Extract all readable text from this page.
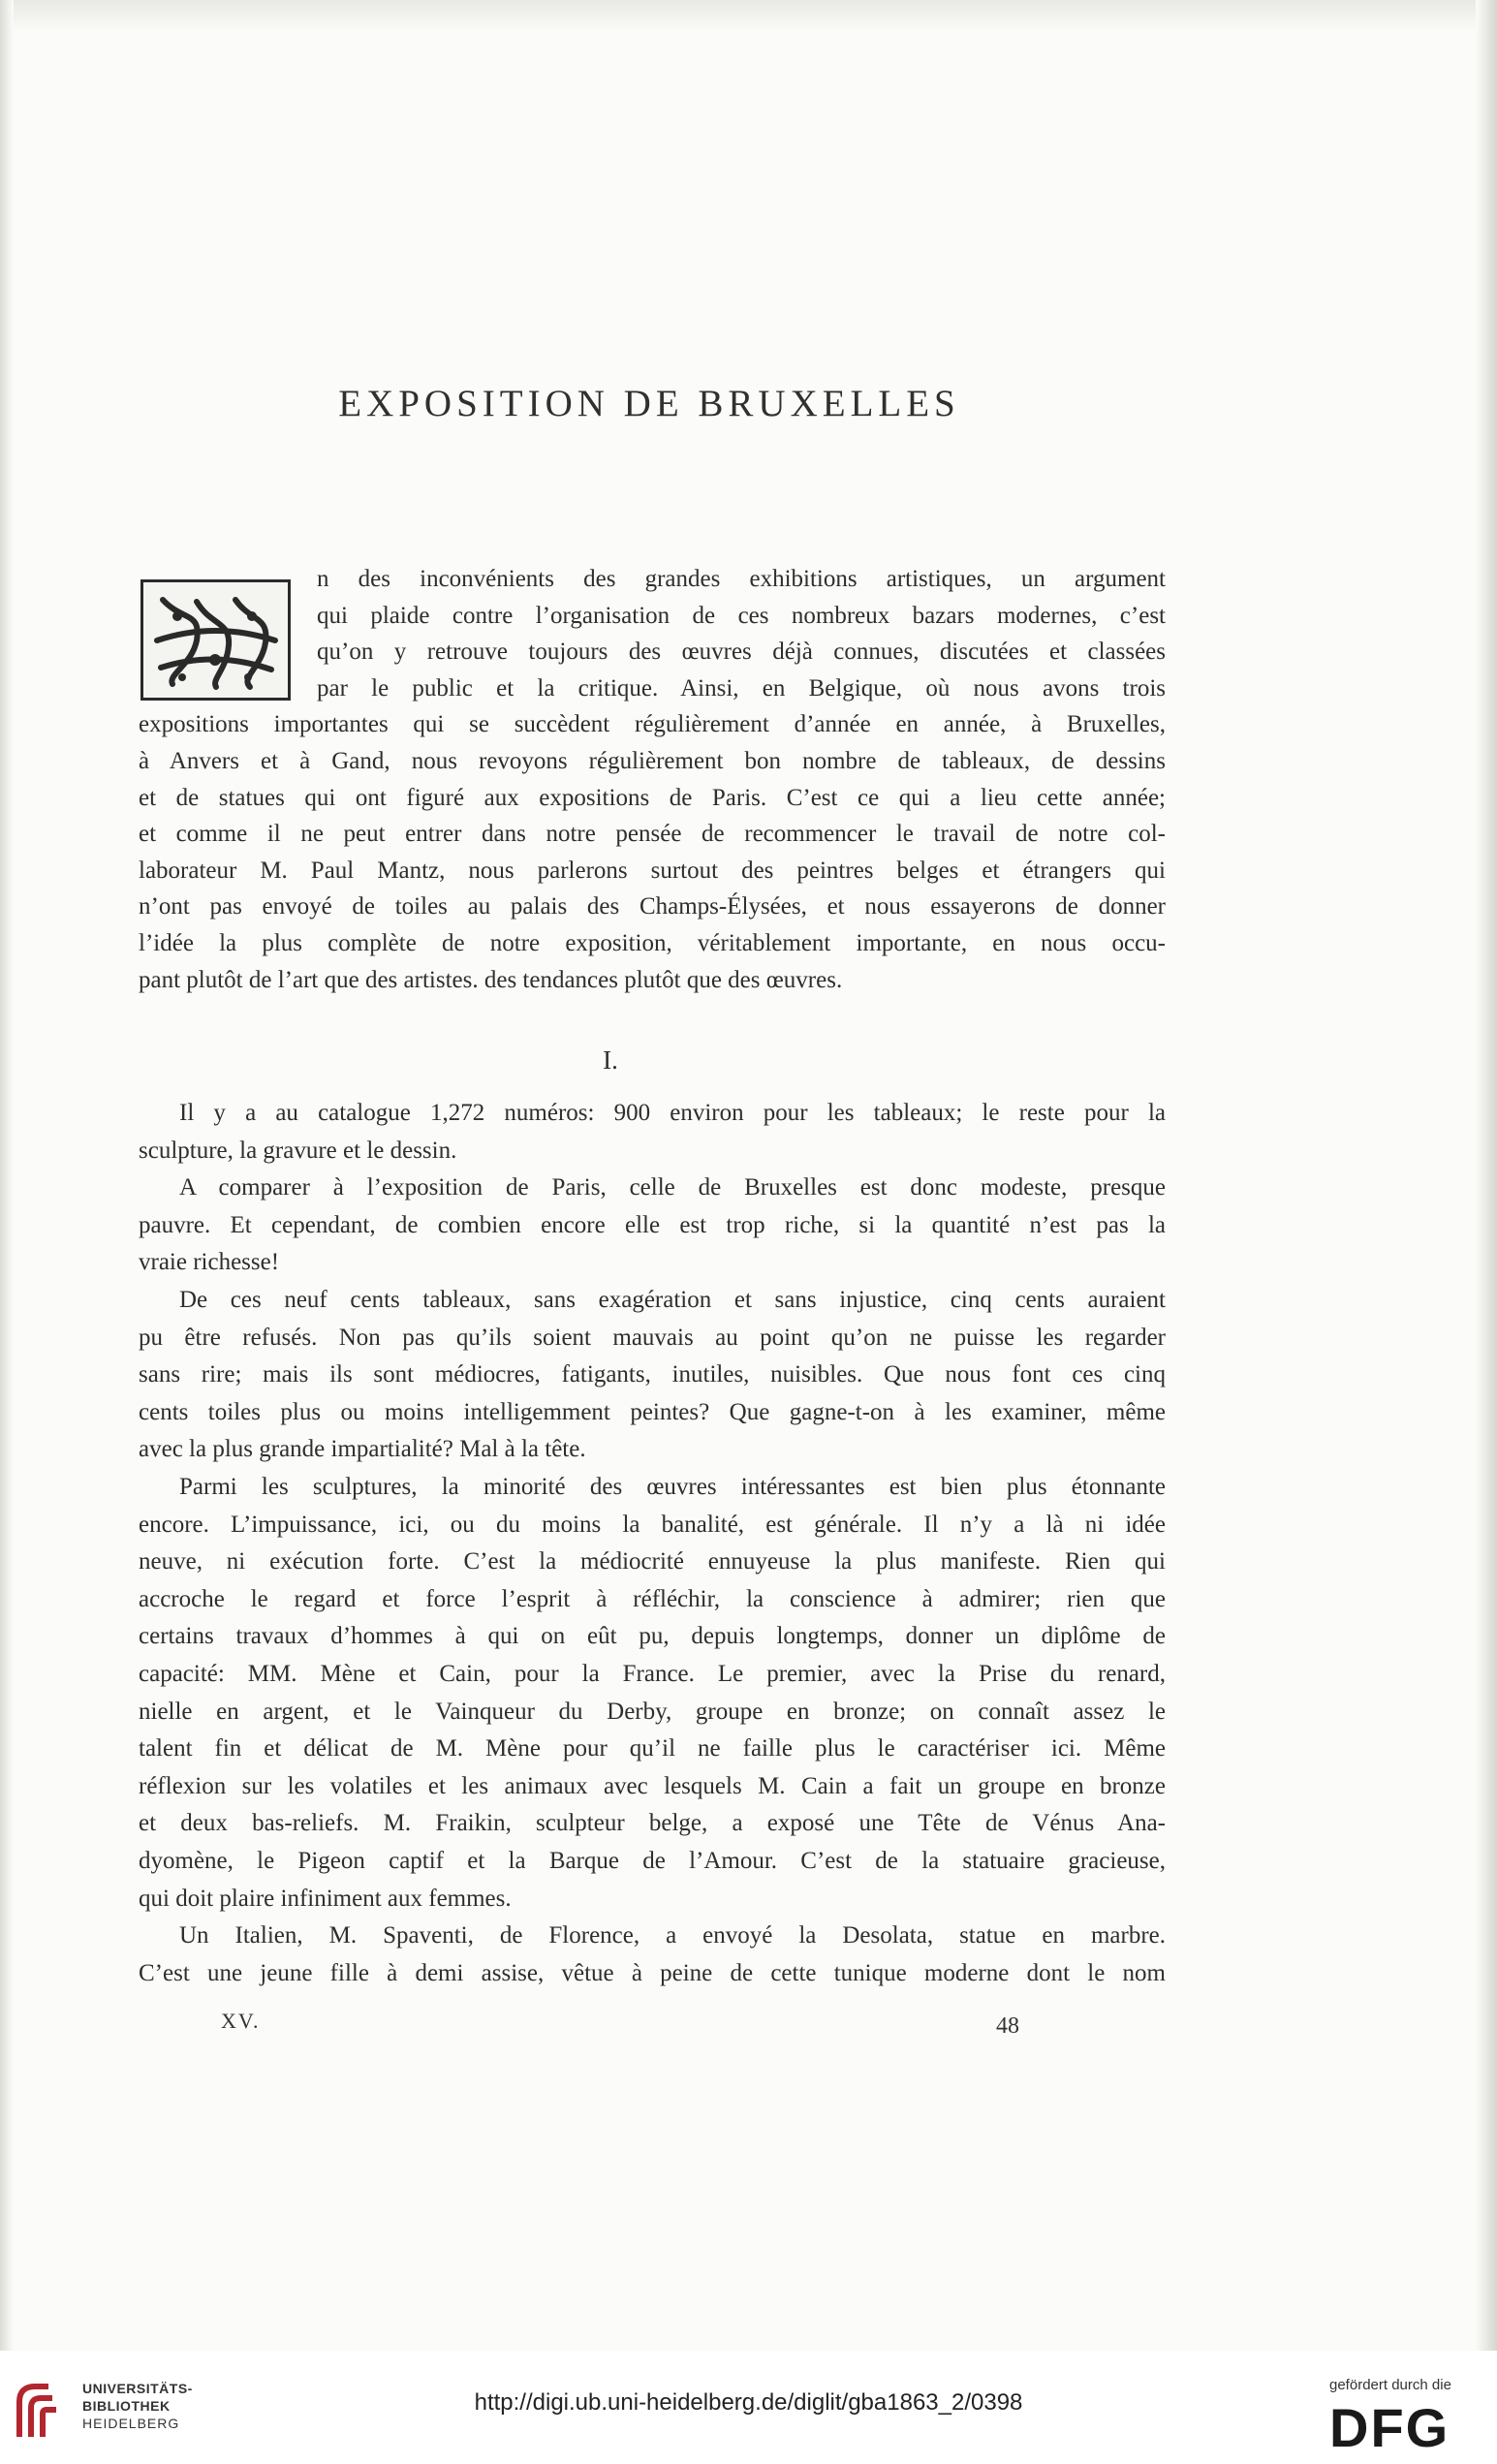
EXPOSITION DE BRUXELLES
n des inconvénients des grandes exhibitions artistiques, un argument
qui plaide contre l’organisation de ces nombreux bazars modernes, c’est
qu’on y retrouve toujours des œuvres déjà connues, discutées et classées
par le public et la critique. Ainsi, en Belgique, où nous avons trois
expositions importantes qui se succèdent régulièrement d’année en année, à Bruxelles,
à Anvers et à Gand, nous revoyons régulièrement bon nombre de tableaux, de dessins
et de statues qui ont figuré aux expositions de Paris. C’est ce qui a lieu cette année;
et comme il ne peut entrer dans notre pensée de recommencer le travail de notre col-
laborateur M. Paul Mantz, nous parlerons surtout des peintres belges et étrangers qui
n’ont pas envoyé de toiles au palais des Champs-Élysées, et nous essayerons de donner
l’idée la plus complète de notre exposition, véritablement importante, en nous occu-
pant plutôt de l’art que des artistes. des tendances plutôt que des œuvres.
I.
Il y a au catalogue 1,272 numéros: 900 environ pour les tableaux; le reste pour la
sculpture, la gravure et le dessin.
A comparer à l’exposition de Paris, celle de Bruxelles est donc modeste, presque
pauvre. Et cependant, de combien encore elle est trop riche, si la quantité n’est pas la
vraie richesse!
De ces neuf cents tableaux, sans exagération et sans injustice, cinq cents auraient
pu être refusés. Non pas qu’ils soient mauvais au point qu’on ne puisse les regarder
sans rire; mais ils sont médiocres, fatigants, inutiles, nuisibles. Que nous font ces cinq
cents toiles plus ou moins intelligemment peintes? Que gagne-t-on à les examiner, même
avec la plus grande impartialité? Mal à la tête.
Parmi les sculptures, la minorité des œuvres intéressantes est bien plus étonnante
encore. L’impuissance, ici, ou du moins la banalité, est générale. Il n’y a là ni idée
neuve, ni exécution forte. C’est la médiocrité ennuyeuse la plus manifeste. Rien qui
accroche le regard et force l’esprit à réfléchir, la conscience à admirer; rien que
certains travaux d’hommes à qui on eût pu, depuis longtemps, donner un diplôme de
capacité: MM. Mène et Cain, pour la France. Le premier, avec la Prise du renard,
nielle en argent, et le Vainqueur du Derby, groupe en bronze; on connaît assez le
talent fin et délicat de M. Mène pour qu’il ne faille plus le caractériser ici. Même
réflexion sur les volatiles et les animaux avec lesquels M. Cain a fait un groupe en bronze
et deux bas-reliefs. M. Fraikin, sculpteur belge, a exposé une Tête de Vénus Ana-
dyomène, le Pigeon captif et la Barque de l’Amour. C’est de la statuaire gracieuse,
qui doit plaire infiniment aux femmes.
Un Italien, M. Spaventi, de Florence, a envoyé la Desolata, statue en marbre.
C’est une jeune fille à demi assise, vêtue à peine de cette tunique moderne dont le nom
XV.	48
UNIVERSITÄTS-
BIBLIOTHEK
HEIDELBERG
http://digi.ub.uni-heidelberg.de/diglit/gba1863_2/0398
gefördert durch die
DFG
